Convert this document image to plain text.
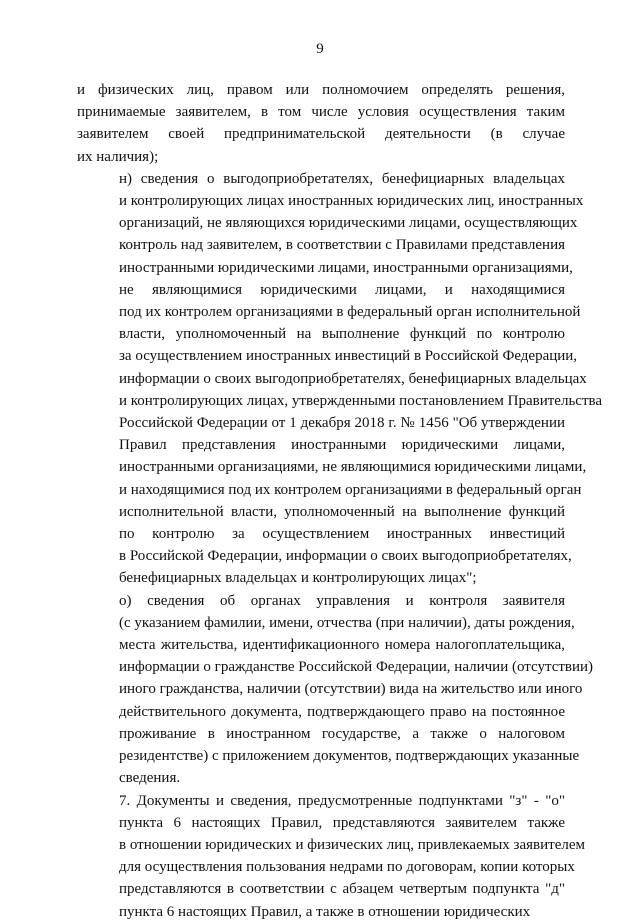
9
и физических лиц, правом или полномочием определять решения,
принимаемые заявителем, в том числе условия осуществления таким
заявителем своей предпринимательской деятельности (в случае
их наличия);
н) сведения о выгодоприобретателях, бенефициарных владельцах
и контролирующих лицах иностранных юридических лиц, иностранных
организаций, не являющихся юридическими лицами, осуществляющих
контроль над заявителем, в соответствии с Правилами представления
иностранными юридическими лицами, иностранными организациями,
не являющимися юридическими лицами, и находящимися
под их контролем организациями в федеральный орган исполнительной
власти, уполномоченный на выполнение функций по контролю
за осуществлением иностранных инвестиций в Российской Федерации,
информации о своих выгодоприобретателях, бенефициарных владельцах
и контролирующих лицах, утвержденными постановлением Правительства
Российской Федерации от 1 декабря 2018 г. № 1456 "Об утверждении
Правил представления иностранными юридическими лицами,
иностранными организациями, не являющимися юридическими лицами,
и находящимися под их контролем организациями в федеральный орган
исполнительной власти, уполномоченный на выполнение функций
по контролю за осуществлением иностранных инвестиций
в Российской Федерации, информации о своих выгодоприобретателях,
бенефициарных владельцах и контролирующих лицах";
о) сведения об органах управления и контроля заявителя
(с указанием фамилии, имени, отчества (при наличии), даты рождения,
места жительства, идентификационного номера налогоплательщика,
информации о гражданстве Российской Федерации, наличии (отсутствии)
иного гражданства, наличии (отсутствии) вида на жительство или иного
действительного документа, подтверждающего право на постоянное
проживание в иностранном государстве, а также о налоговом
резидентстве) с приложением документов, подтверждающих указанные
сведения.
7. Документы и сведения, предусмотренные подпунктами "з" - "о"
пункта 6 настоящих Правил, представляются заявителем также
в отношении юридических и физических лиц, привлекаемых заявителем
для осуществления пользования недрами по договорам, копии которых
представляются в соответствии с абзацем четвертым подпункта "д"
пункта 6 настоящих Правил, а также в отношении юридических
